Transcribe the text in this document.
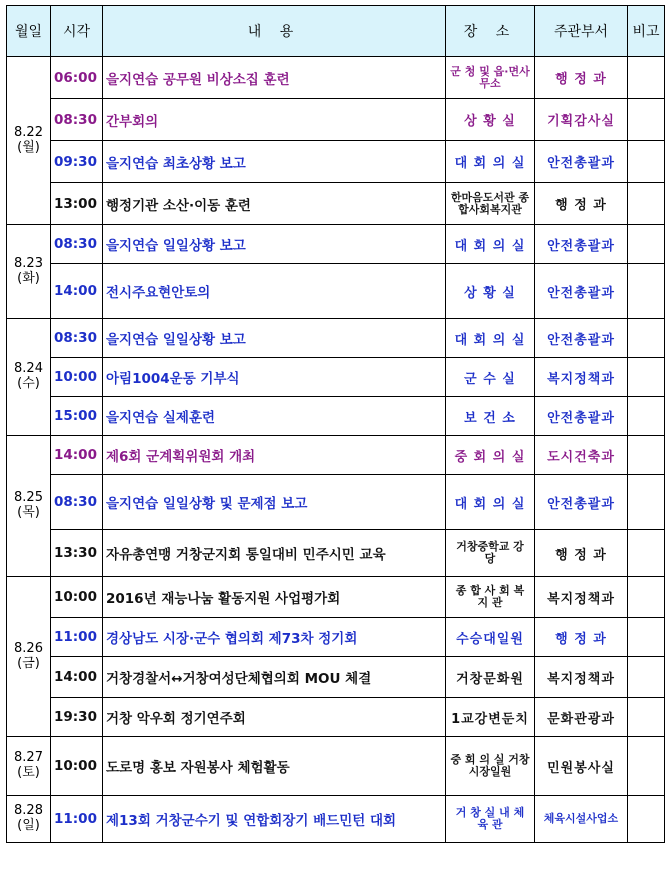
월일	시각	내 용	장 소	주관부서	비고

8.22
(월)	06:00	을지연습 공무원 비상소집 훈련	군 청 및 읍·면사무소	행 정 과	
	08:30	간부회의	상 황 실	기획감사실	
	09:30	을지연습 최초상황 보고	대 회 의 실	안전총괄과	
	13:00	행정기관 소산·이동 훈련	한마음도서관 종합사회복지관	행 정 과	

8.23
(화)	08:30	을지연습 일일상황 보고	대 회 의 실	안전총괄과	
	14:00	전시주요현안토의	상 황 실	안전총괄과	

8.24
(수)	08:30	을지연습 일일상황 보고	대 회 의 실	안전총괄과	
	10:00	아림1004운동 기부식	군 수 실	복지정책과	
	15:00	을지연습 실제훈련	보 건 소	안전총괄과	

8.25
(목)	14:00	제6회 군계획위원회 개최	중 회 의 실	도시건축과	
	08:30	을지연습 일일상황 및 문제점 보고	대 회 의 실	안전총괄과	
	13:30	자유총연맹 거창군지회 통일대비 민주시민 교육	거창중학교 강 당	행 정 과	

8.26
(금)	10:00	2016년 재능나눔 활동지원 사업평가회	종 합 사 회 복 지 관	복지정책과	
	11:00	경상남도 시장·군수 협의회 제73차 정기회	수승대일원	행 정 과	
	14:00	거창경찰서↔거창여성단체협의회 MOU 체결	거창문화원	복지정책과	
	19:30	거창 악우회 정기연주회	1교강변둔치	문화관광과	

8.27
(토)	10:00	도로명 홍보 자원봉사 체험활동	중 회 의 실 거창시장일원	민원봉사실	

8.28
(일)	11:00	제13회 거창군수기 및 연합회장기 배드민턴 대회	거 창 실 내 체 육 관	체육시설사업소	
